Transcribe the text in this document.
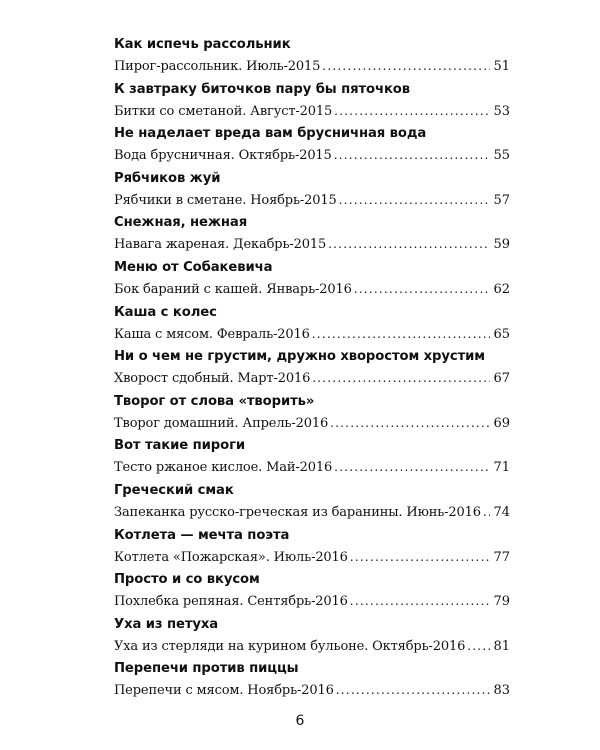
Как испечь рассольник
Пирог-рассольник. Июль-2015 . . .	51
К завтраку биточков пару бы пяточков
Битки со сметаной. Август-2015 . . .	53
Не наделает вреда вам брусничная вода
Вода брусничная. Октябрь-2015 . . .	55
Рябчиков жуй
Рябчики в сметане. Ноябрь-2015 . . .	57
Снежная, нежная
Навага жареная. Декабрь-2015 . . .	59
Меню от Собакевича
Бок бараний с кашей. Январь-2016 . . .	62
Каша с колес
Каша с мясом. Февраль-2016 . . .	65
Ни о чем не грустим, дружно хворостом хрустим
Хворост сдобный. Март-2016 . . .	67
Творог от слова «творить»
Творог домашний. Апрель-2016 . . .	69
Вот такие пироги
Тесто ржаное кислое. Май-2016 . . .	71
Греческий смак
Запеканка русско-греческая из баранины. Июнь-2016 . . . 74
Котлета — мечта поэта
Котлета «Пожарская». Июль-2016 . . .	77
Просто и со вкусом
Похлебка репяная. Сентябрь-2016 . . .	79
Уха из петуха
Уха из стерляди на курином бульоне. Октябрь-2016 . . . 81
Перепечи против пиццы
Перепечи с мясом. Ноябрь-2016 . . .	83
6
